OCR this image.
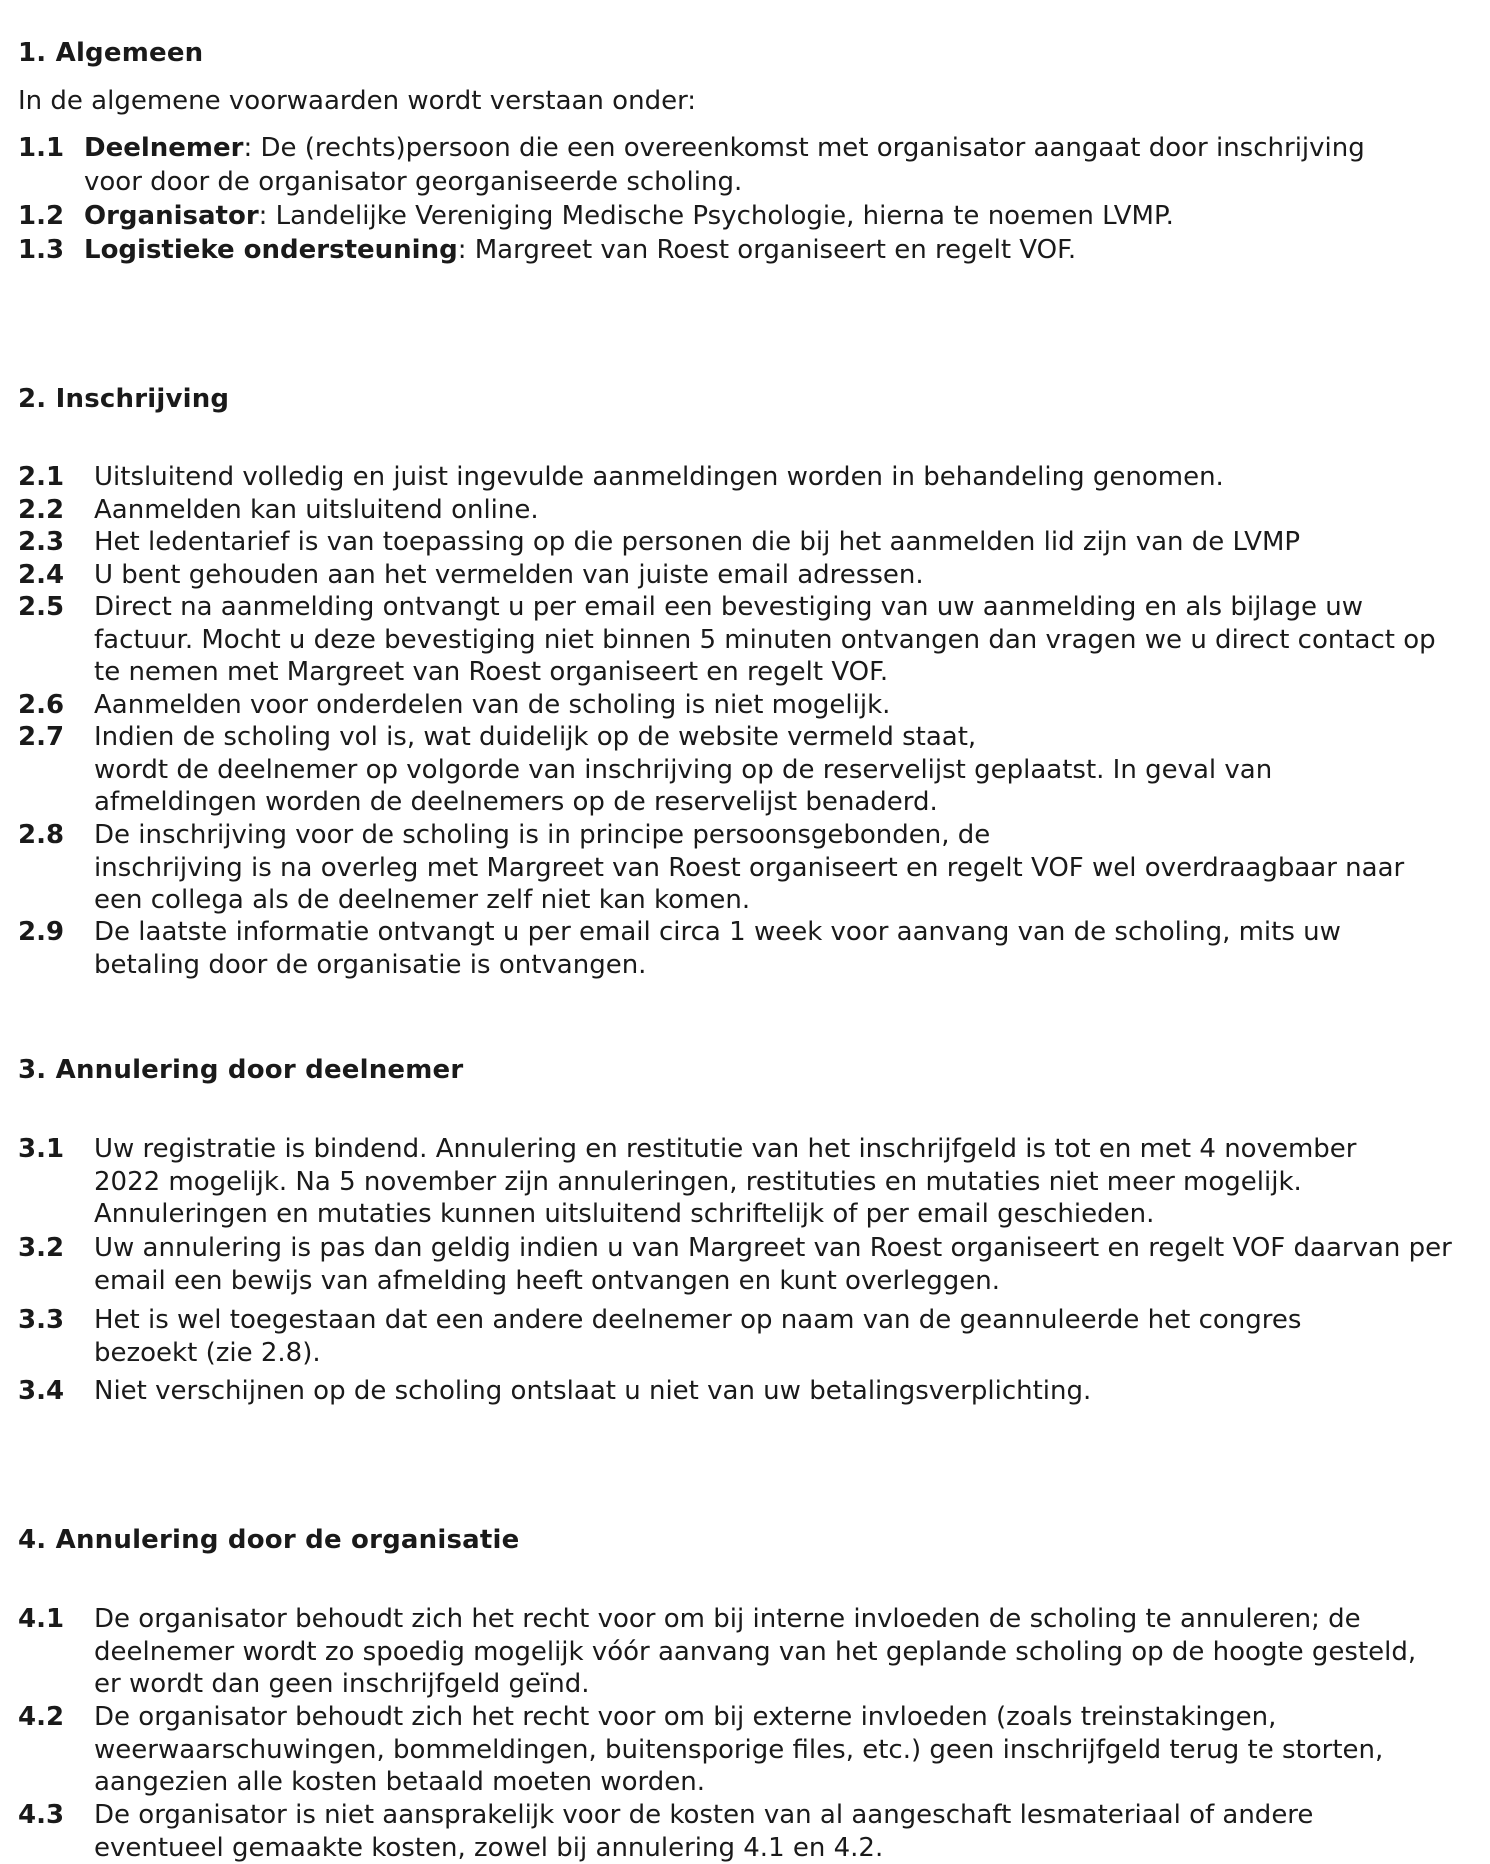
1. Algemeen

In de algemene voorwaarden wordt verstaan onder:

1.1 Deelnemer: De (rechts)persoon die een overeenkomst met organisator aangaat door inschrijving voor door de organisator georganiseerde scholing.
1.2 Organisator: Landelijke Vereniging Medische Psychologie, hierna te noemen LVMP.
1.3 Logistieke ondersteuning: Margreet van Roest organiseert en regelt VOF.
2. Inschrijving
2.1	Uitsluitend volledig en juist ingevulde aanmeldingen worden in behandeling genomen.
2.2	Aanmelden kan uitsluitend online.
2.3	Het ledentarief is van toepassing op die personen die bij het aanmelden lid zijn van de LVMP
2.4	U bent gehouden aan het vermelden van juiste email adressen.
2.5	Direct na aanmelding ontvangt u per email een bevestiging van uw aanmelding en als bijlage uw factuur. Mocht u deze bevestiging niet binnen 5 minuten ontvangen dan vragen we u direct contact op te nemen met Margreet van Roest organiseert en regelt VOF.
2.6	Aanmelden voor onderdelen van de scholing is niet mogelijk.
2.7	Indien de scholing vol is, wat duidelijk op de website vermeld staat,
wordt de deelnemer op volgorde van inschrijving op de reservelijst geplaatst. In geval van afmeldingen worden de deelnemers op de reservelijst benaderd.
2.8	De inschrijving voor de scholing is in principe persoonsgebonden, de
inschrijving is na overleg met Margreet van Roest organiseert en regelt VOF wel overdraagbaar naar een collega als de deelnemer zelf niet kan komen.
2.9	De laatste informatie ontvangt u per email circa 1 week voor aanvang van de scholing, mits uw betaling door de organisatie is ontvangen.
3. Annulering door deelnemer
3.1	Uw registratie is bindend. Annulering en restitutie van het inschrijfgeld is tot en met 4 november 2022 mogelijk. Na 5 november zijn annuleringen, restituties en mutaties niet meer mogelijk. Annuleringen en mutaties kunnen uitsluitend schriftelijk of per email geschieden.
3.2	Uw annulering is pas dan geldig indien u van Margreet van Roest organiseert en regelt VOF daarvan per email een bewijs van afmelding heeft ontvangen en kunt overleggen.
3.3	Het is wel toegestaan dat een andere deelnemer op naam van de geannuleerde het congres bezoekt (zie 2.8).
3.4	Niet verschijnen op de scholing ontslaat u niet van uw betalingsverplichting.
4. Annulering door de organisatie
4.1	De organisator behoudt zich het recht voor om bij interne invloeden de scholing te annuleren; de deelnemer wordt zo spoedig mogelijk vóór aanvang van het geplande scholing op de hoogte gesteld, er wordt dan geen inschrijfgeld geïnd.
4.2	De organisator behoudt zich het recht voor om bij externe invloeden (zoals treinstakingen, weerwaarschuwingen, bommeldingen, buitensporige files, etc.) geen inschrijfgeld terug te storten, aangezien alle kosten betaald moeten worden.
4.3	De organisator is niet aansprakelijk voor de kosten van al aangeschaft lesmateriaal of andere eventueel gemaakte kosten, zowel bij annulering 4.1 en 4.2.
